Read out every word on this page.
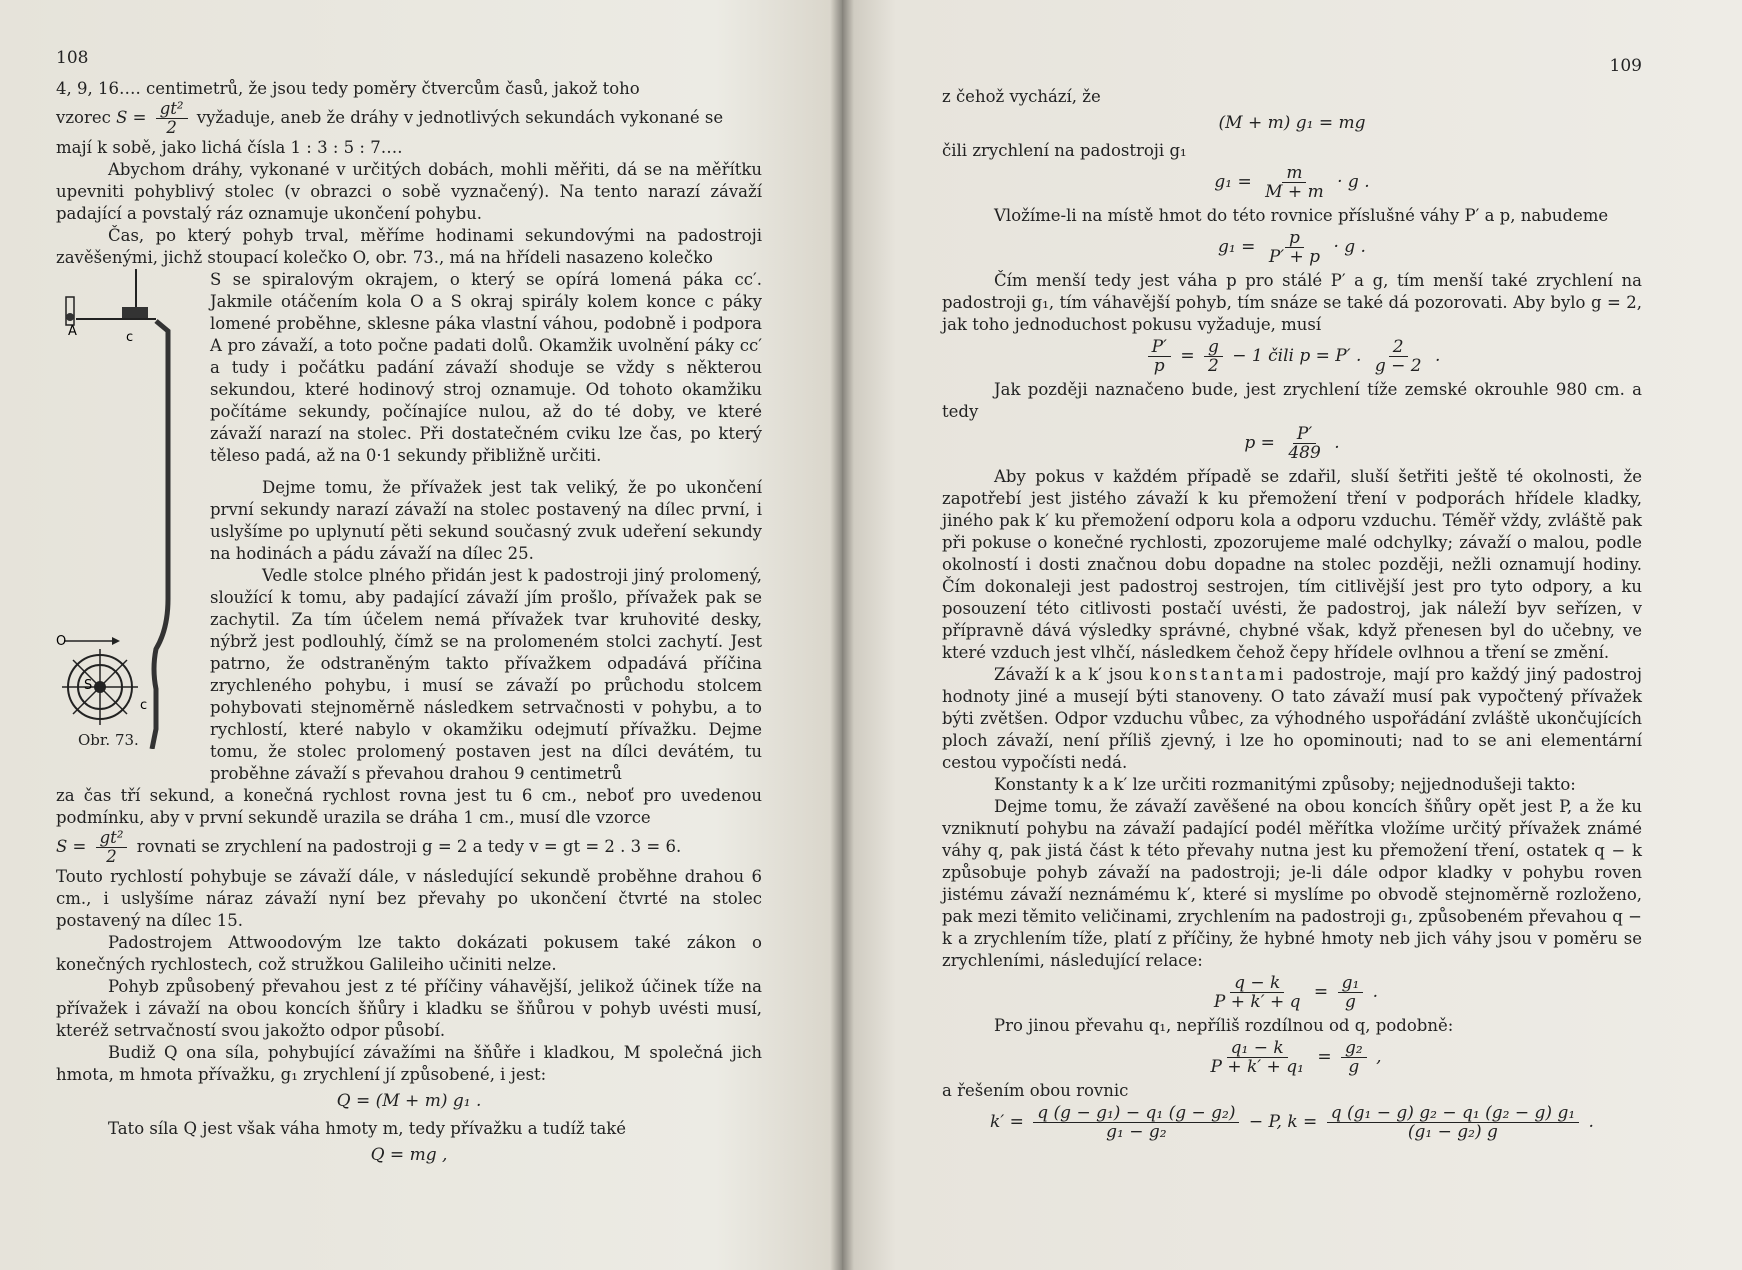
108

4, 9, 16…. centimetrů, že jsou tedy poměry čtvercům časů, jakož toho

vzorec $S = \frac{\text{gt²}}{2}$ vyžaduje, aneb že dráhy v jednotlivých sekundách vykonané se

mají k sobě, jako lichá čísla 1 : 3 : 5 : 7….

Abychom dráhy, vykonané v určitých dobách, mohli měřiti, dá se na měřítku upevniti pohyblivý stolec (v obrazci o sobě vyznačený). Na tento narazí závaží padající a povstalý ráz oznamuje ukončení pohybu.

Čas, po který pohyb trval, měříme hodinami sekundovými na padostroji zavěšenými, jichž stoupací kolečko O, obr. 73., má na hřídeli nasazeno kolečko

A	c
O
S
c
Obr. 73.

S se spiralovým okrajem, o který se opírá lomená páka cc′. Jakmile otáčením kola O a S okraj spirály kolem konce c páky lomené proběhne, sklesne páka vlastní váhou, podobně i podpora A pro závaží, a toto počne padati dolů. Okamžik uvolnění páky cc′ a tudy i počátku padání závaží shoduje se vždy s některou sekundou, které hodinový stroj oznamuje. Od tohoto okamžiku počítáme sekundy, počínajíce nulou, až do té doby, ve které závaží narazí na stolec. Při dostatečném cviku lze čas, po který těleso padá, až na 0·1 sekundy přibližně určiti.

Dejme tomu, že přívažek jest tak veliký, že po ukončení první sekundy narazí závaží na stolec postavený na dílec první, i uslyšíme po uplynutí pěti sekund současný zvuk udeření sekundy na hodinách a pádu závaží na dílec 25.

Vedle stolce plného přidán jest k padostroji jiný prolomený, sloužící k tomu, aby padající závaží jím prošlo, přívažek pak se zachytil. Za tím účelem nemá přívažek tvar kruhovité desky, nýbrž jest podlouhlý, čímž se na prolomeném stolci zachytí. Jest patrno, že odstraněným takto přívažkem odpadává příčina zrychleného pohybu, i musí se závaží po průchodu stolcem pohybovati stejnoměrně následkem setrvačnosti v pohybu, a to rychlostí, které nabylo v okamžiku odejmutí přívažku. Dejme tomu, že stolec prolomený postaven jest na dílci devátém, tu proběhne závaží s převahou drahou 9 centimetrů

za čas tří sekund, a konečná rychlost rovna jest tu 6 cm., neboť pro uvedenou podmínku, aby v první sekundě urazila se dráha 1 cm., musí dle vzorce

$S = \frac{\text{gt²}}{2}$ rovnati se zrychlení na padostroji g = 2 a tedy v = gt = 2 . 3 = 6.

Touto rychlostí pohybuje se závaží dále, v následující sekundě proběhne drahou 6 cm., i uslyšíme náraz závaží nyní bez převahy po ukončení čtvrté na stolec postavený na dílec 15.

Padostrojem Attwoodovým lze takto dokázati pokusem také zákon o konečných rychlostech, což stružkou Galileiho učiniti nelze.

Pohyb způsobený převahou jest z té příčiny váhavější, jelikož účinek tíže na přívažek i závaží na obou koncích šňůry i kladku se šňůrou v pohyb uvésti musí, kteréž setrvačností svou jakožto odpor působí.

Budiž Q ona síla, pohybující závažími na šňůře i kladkou, M společná jich hmota, m hmota přívažku, g₁ zrychlení jí způsobené, i jest:

Q = (M + m) g₁ .

Tato síla Q jest však váha hmoty m, tedy přívažku a tudíž také

Q = mg ,
109

z čehož vychází, že

(M + m) g₁ = mg

čili zrychlení na padostroji g₁

$g_1 = \frac{m}{M + m} \cdot g$ .

Vložíme-li na místě hmot do této rovnice příslušné váhy P′ a p, nabudeme

$g_1 = \frac{p}{P' + p} \cdot g$ .

Čím menší tedy jest váha p pro stálé P′ a g, tím menší také zrychlení na padostroji g₁, tím váhavější pohyb, tím snáze se také dá pozorovati. Aby bylo g = 2, jak toho jednoduchost pokusu vyžaduje, musí

$\frac{P'}{p} = \frac{g}{2} - 1$ čili p = P′ . $\frac{2}{g - 2}$ .

Jak později naznačeno bude, jest zrychlení tíže zemské okrouhle 980 cm. a tedy

$p = \frac{P'}{489}$ .

Aby pokus v každém případě se zdařil, sluší šetřiti ještě té okolnosti, že zapotřebí jest jistého závaží k ku přemožení tření v podporách hřídele kladky, jiného pak k′ ku přemožení odporu kola a odporu vzduchu. Téměř vždy, zvláště pak při pokuse o konečné rychlosti, zpozorujeme malé odchylky; závaží o malou, podle okolností i dosti značnou dobu dopadne na stolec později, nežli oznamují hodiny. Čím dokonaleji jest padostroj sestrojen, tím citlivější jest pro tyto odpory, a ku posouzení této citlivosti postačí uvésti, že padostroj, jak náleží byv seřízen, v přípravně dává výsledky správné, chybné však, když přenesen byl do učebny, ve které vzduch jest vlhčí, následkem čehož čepy hřídele ovlhnou a tření se změní.

Závaží k a k′ jsou konstantami padostroje, mají pro každý jiný padostroj hodnoty jiné a musejí býti stanoveny. O tato závaží musí pak vypočtený přívažek býti zvětšen. Odpor vzduchu vůbec, za výhodného uspořádání zvláště ukončujících ploch závaží, není příliš zjevný, i lze ho opominouti; nad to se ani elementární cestou vypočísti nedá.

Konstanty k a k′ lze určiti rozmanitými způsoby; nejjednodušeji takto:

Dejme tomu, že závaží zavěšené na obou koncích šňůry opět jest P, a že ku vzniknutí pohybu na závaží padající podél měřítka vložíme určitý přívažek známé váhy q, pak jistá část k této převahy nutna jest ku přemožení tření, ostatek q − k způsobuje pohyb závaží na padostroji; je-li dále odpor kladky v pohybu roven jistému závaží neznámému k′, které si myslíme po obvodě stejnoměrně rozloženo, pak mezi těmito veličinami, zrychlením na padostroji g₁, způsobeném převahou q − k a zrychlením tíže, platí z příčiny, že hybné hmoty neb jich váhy jsou v poměru se zrychleními, následující relace:

$\frac{q - k}{P + k' + q} = \frac{\text{g₁}}{g}$ .

Pro jinou převahu q₁, nepříliš rozdílnou od q, podobně:

$\frac{\text{q₁ − k}}{\text{P + k′ + q₁}} = \frac{\text{g₂}}{g}$ ,

a řešením obou rovnic

$k' = \frac{\text{q (g − g₁) − q₁ (g − g₂)}}{\text{g₁ − g₂}} - P$, $k = \frac{\text{q (g₁ − g) g₂ − q₁ (g₂ − g) g₁}}{\text{(g₁ − g₂) g}}$ .
